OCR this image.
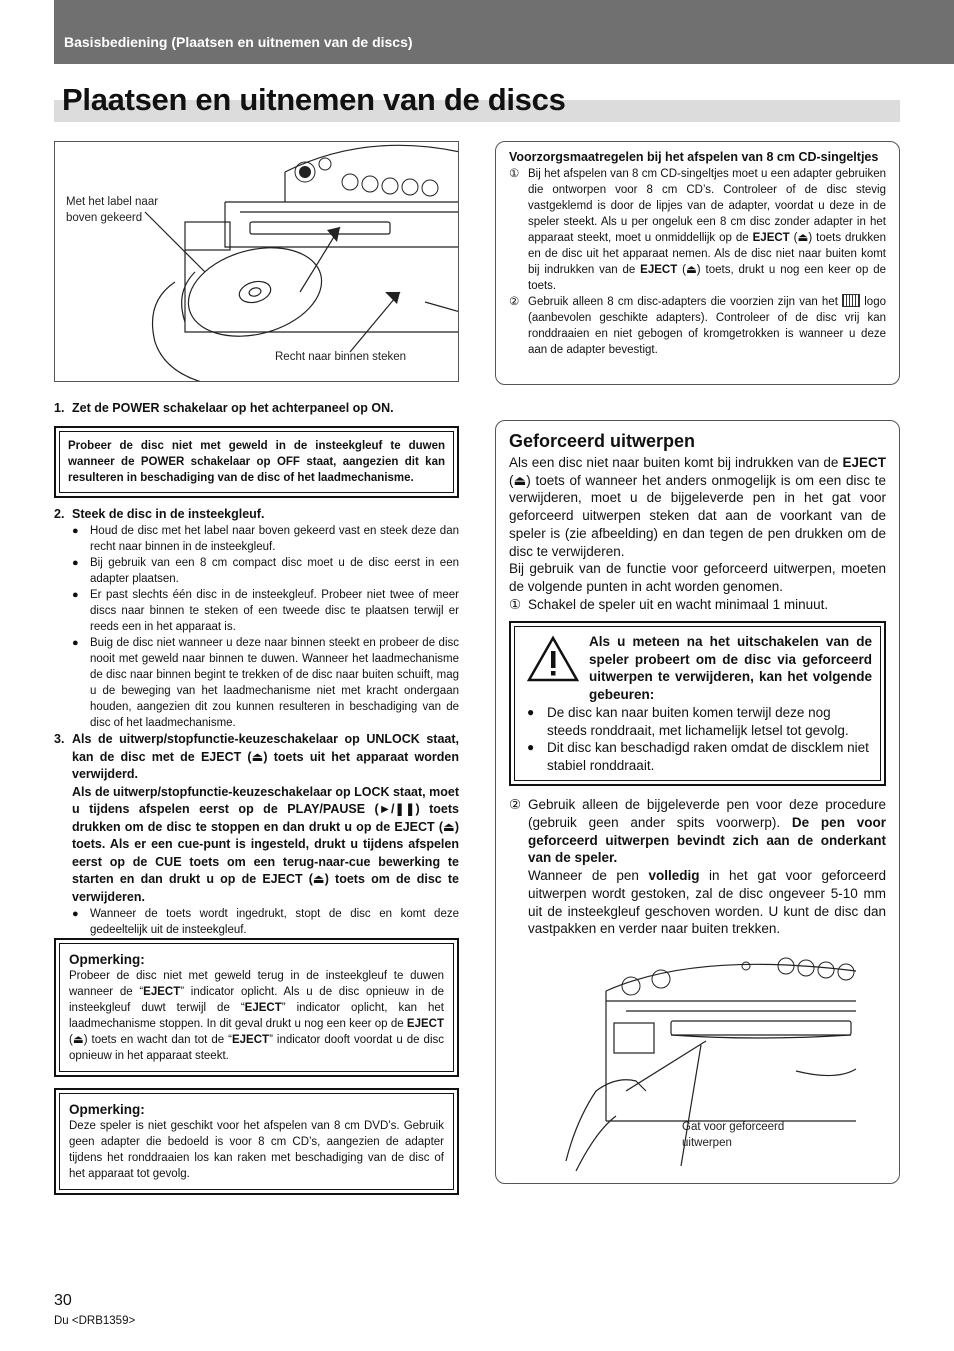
Basisbediening (Plaatsen en uitnemen van de discs)
Plaatsen en uitnemen van de discs
Met het label naar boven gekeerd
Recht naar binnen steken
1. Zet de POWER schakelaar op het achterpaneel op ON.
Probeer de disc niet met geweld in de insteekgleuf te duwen wanneer de POWER schakelaar op OFF staat, aangezien dit kan resulteren in beschadiging van de disc of het laadmechanisme.
2. Steek de disc in de insteekgleuf.
● Houd de disc met het label naar boven gekeerd vast en steek deze dan recht naar binnen in de insteekgleuf.
● Bij gebruik van een 8 cm compact disc moet u de disc eerst in een adapter plaatsen.
● Er past slechts één disc in de insteekgleuf. Probeer niet twee of meer discs naar binnen te steken of een tweede disc te plaatsen terwijl er reeds een in het apparaat is.
● Buig de disc niet wanneer u deze naar binnen steekt en probeer de disc nooit met geweld naar binnen te duwen. Wanneer het laadmechanisme de disc naar binnen begint te trekken of de disc naar buiten schuift, mag u de beweging van het laadmechanisme niet met kracht ondergaan houden, aangezien dit zou kunnen resulteren in beschadiging van de disc of het laadmechanisme.
3. Als de uitwerp/stopfunctie-keuzeschakelaar op UNLOCK staat, kan de disc met de EJECT (⏏) toets uit het apparaat worden verwijderd.
Als de uitwerp/stopfunctie-keuzeschakelaar op LOCK staat, moet u tijdens afspelen eerst op de PLAY/PAUSE (►/❚❚) toets drukken om de disc te stoppen en dan drukt u op de EJECT (⏏) toets. Als er een cue-punt is ingesteld, drukt u tijdens afspelen eerst op de CUE toets om een terug-naar-cue bewerking te starten en dan drukt u op de EJECT (⏏) toets om de disc te verwijderen.
● Wanneer de toets wordt ingedrukt, stopt de disc en komt deze gedeeltelijk uit de insteekgleuf.
Opmerking:
Probeer de disc niet met geweld terug in de insteekgleuf te duwen wanneer de “EJECT” indicator oplicht. Als u de disc opnieuw in de insteekgleuf duwt terwijl de “EJECT” indicator oplicht, kan het laadmechanisme stoppen. In dit geval drukt u nog een keer op de EJECT (⏏) toets en wacht dan tot de “EJECT” indicator dooft voordat u de disc opnieuw in het apparaat steekt.
Opmerking:
Deze speler is niet geschikt voor het afspelen van 8 cm DVD’s. Gebruik geen adapter die bedoeld is voor 8 cm CD’s, aangezien de adapter tijdens het ronddraaien los kan raken met beschadiging van de disc of het apparaat tot gevolg.
Voorzorgsmaatregelen bij het afspelen van 8 cm CD-singeltjes
① Bij het afspelen van 8 cm CD-singeltjes moet u een adapter gebruiken die ontworpen voor 8 cm CD’s. Controleer of de disc stevig vastgeklemd is door de lipjes van de adapter, voordat u deze in de speler steekt. Als u per ongeluk een 8 cm disc zonder adapter in het apparaat steekt, moet u onmiddellijk op de EJECT (⏏) toets drukken en de disc uit het apparaat nemen. Als de disc niet naar buiten komt bij indrukken van de EJECT (⏏) toets, drukt u nog een keer op de toets.
② Gebruik alleen 8 cm disc-adapters die voorzien zijn van het  logo (aanbevolen geschikte adapters). Controleer of de disc vrij kan ronddraaien en niet gebogen of kromgetrokken is wanneer u deze aan de adapter bevestigt.
Geforceerd uitwerpen

Als een disc niet naar buiten komt bij indrukken van de EJECT (⏏) toets of wanneer het anders onmogelijk is om een disc te verwijderen, moet u de bijgeleverde pen in het gat voor geforceerd uitwerpen steken dat aan de voorkant van de speler is (zie afbeelding) en dan tegen de pen drukken om de disc te verwijderen.

Bij gebruik van de functie voor geforceerd uitwerpen, moeten de volgende punten in acht worden genomen.

① Schakel de speler uit en wacht minimaal 1 minuut.

Als u meteen na het uitschakelen van de speler probeert om de disc via geforceerd uitwerpen te verwijderen, kan het volgende gebeuren:
● De disc kan naar buiten komen terwijl deze nog steeds ronddraait, met lichamelijk letsel tot gevolg.
● Dit disc kan beschadigd raken omdat de discklem niet stabiel ronddraait.
② Gebruik alleen de bijgeleverde pen voor deze procedure (gebruik geen ander spits voorwerp). De pen voor geforceerd uitwerpen bevindt zich aan de onderkant van de speler.
Wanneer de pen volledig in het gat voor geforceerd uitwerpen wordt gestoken, zal de disc ongeveer 5-10 mm uit de insteekgleuf geschoven worden. U kunt de disc dan vastpakken en verder naar buiten trekken.
Gat voor geforceerd uitwerpen
30
Du <DRB1359>
